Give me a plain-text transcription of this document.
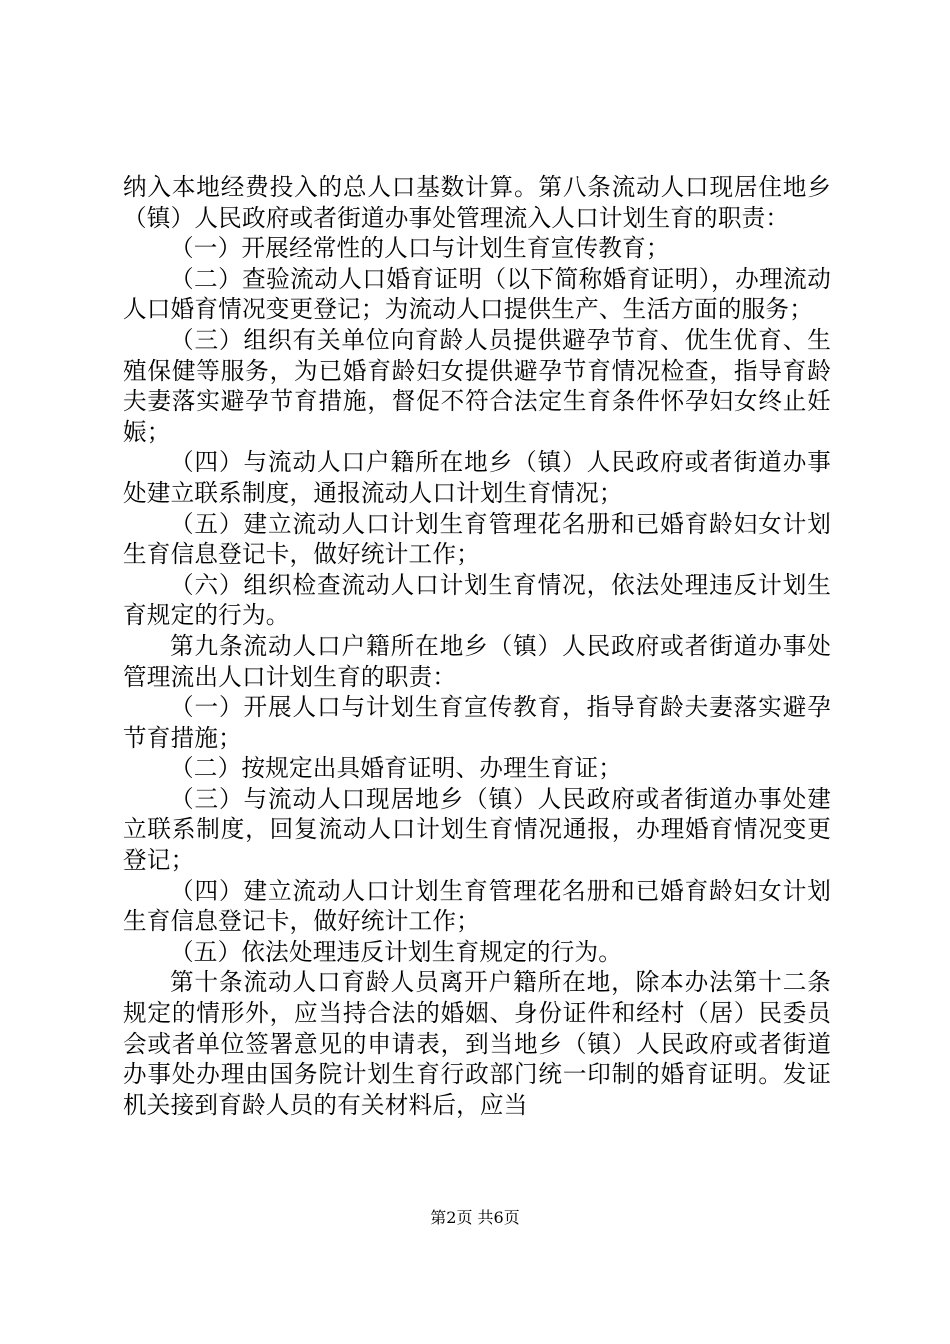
纳入本地经费投入的总人口基数计算。第八条流动人口现居住地乡（镇）人民政府或者街道办事处管理流入人口计划生育的职责：

（一）开展经常性的人口与计划生育宣传教育；

（二）查验流动人口婚育证明（以下简称婚育证明），办理流动人口婚育情况变更登记；为流动人口提供生产、生活方面的服务；

（三）组织有关单位向育龄人员提供避孕节育、优生优育、生殖保健等服务，为已婚育龄妇女提供避孕节育情况检查，指导育龄夫妻落实避孕节育措施，督促不符合法定生育条件怀孕妇女终止妊娠；

（四）与流动人口户籍所在地乡（镇）人民政府或者街道办事处建立联系制度，通报流动人口计划生育情况；

（五）建立流动人口计划生育管理花名册和已婚育龄妇女计划生育信息登记卡，做好统计工作；

（六）组织检查流动人口计划生育情况，依法处理违反计划生育规定的行为。

第九条流动人口户籍所在地乡（镇）人民政府或者街道办事处管理流出人口计划生育的职责：

（一）开展人口与计划生育宣传教育，指导育龄夫妻落实避孕节育措施；

（二）按规定出具婚育证明、办理生育证；

（三）与流动人口现居地乡（镇）人民政府或者街道办事处建立联系制度，回复流动人口计划生育情况通报，办理婚育情况变更登记；

（四）建立流动人口计划生育管理花名册和已婚育龄妇女计划生育信息登记卡，做好统计工作；

（五）依法处理违反计划生育规定的行为。

第十条流动人口育龄人员离开户籍所在地，除本办法第十二条规定的情形外，应当持合法的婚姻、身份证件和经村（居）民委员会或者单位签署意见的申请表，到当地乡（镇）人民政府或者街道办事处办理由国务院计划生育行政部门统一印制的婚育证明。发证机关接到育龄人员的有关材料后，应当

第2页 共6页
